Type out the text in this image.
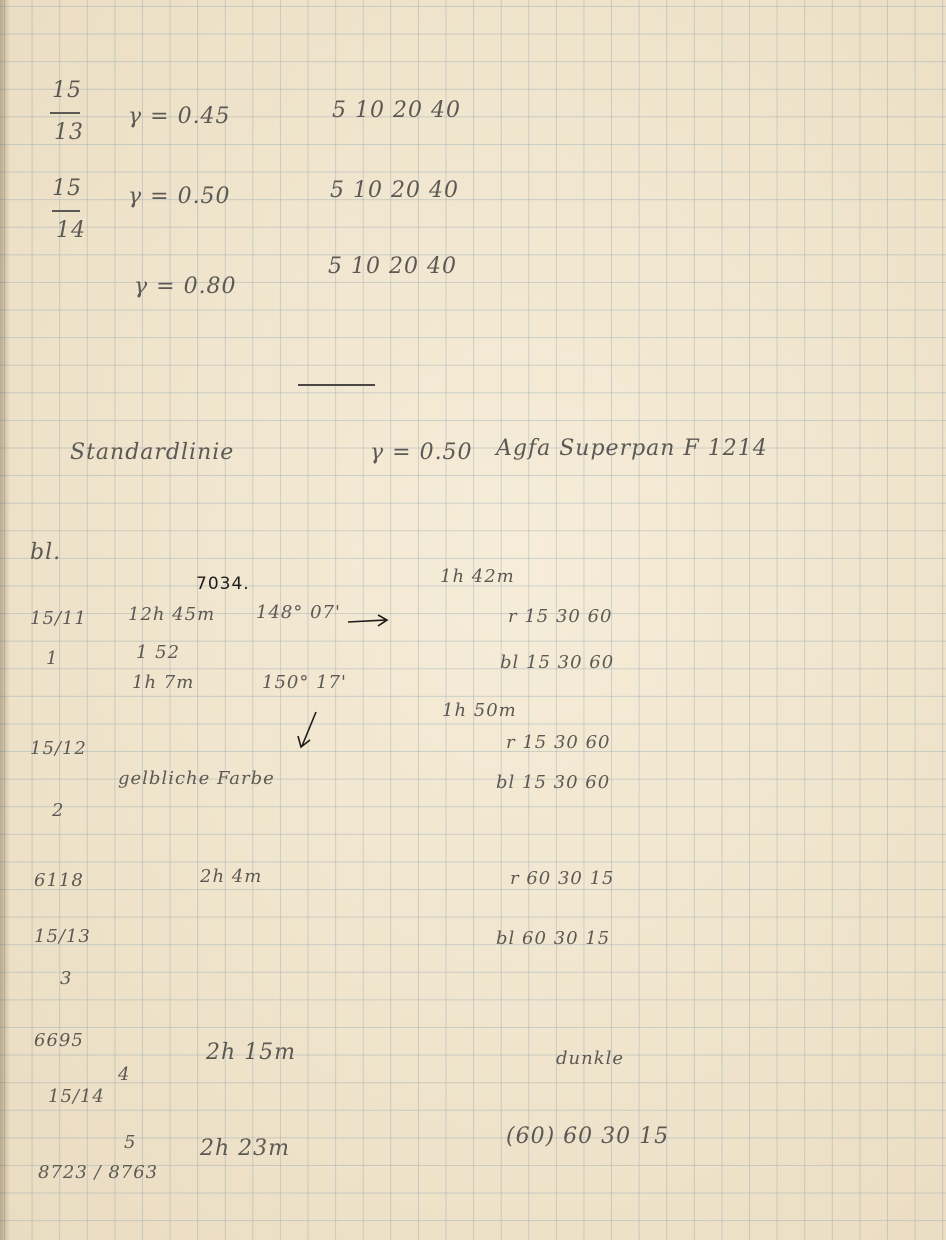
15
13
γ = 0.45	5 10 20 40
15
14
γ = 0.50	5 10 20 40
γ = 0.80
5 10 20 40
Standardlinie	γ = 0.50 Agfa Superpan F 1214
bl.
7034.
15/11
1
12h 45m 148° 07'
1 52
1h 7m	150° 17'
15/12
2
gelbliche Farbe
6118	2h 4m
15/13
3
6695
4
15/14
2h 15m
5
8723 / 8763
2h 23m
1h 42m
r 15 30 60
bl 15 30 60
1h 50m
r 15 30 60
bl 15 30 60
r 60 30 15
bl 60 30 15
dunkle
(60) 60 30 15
